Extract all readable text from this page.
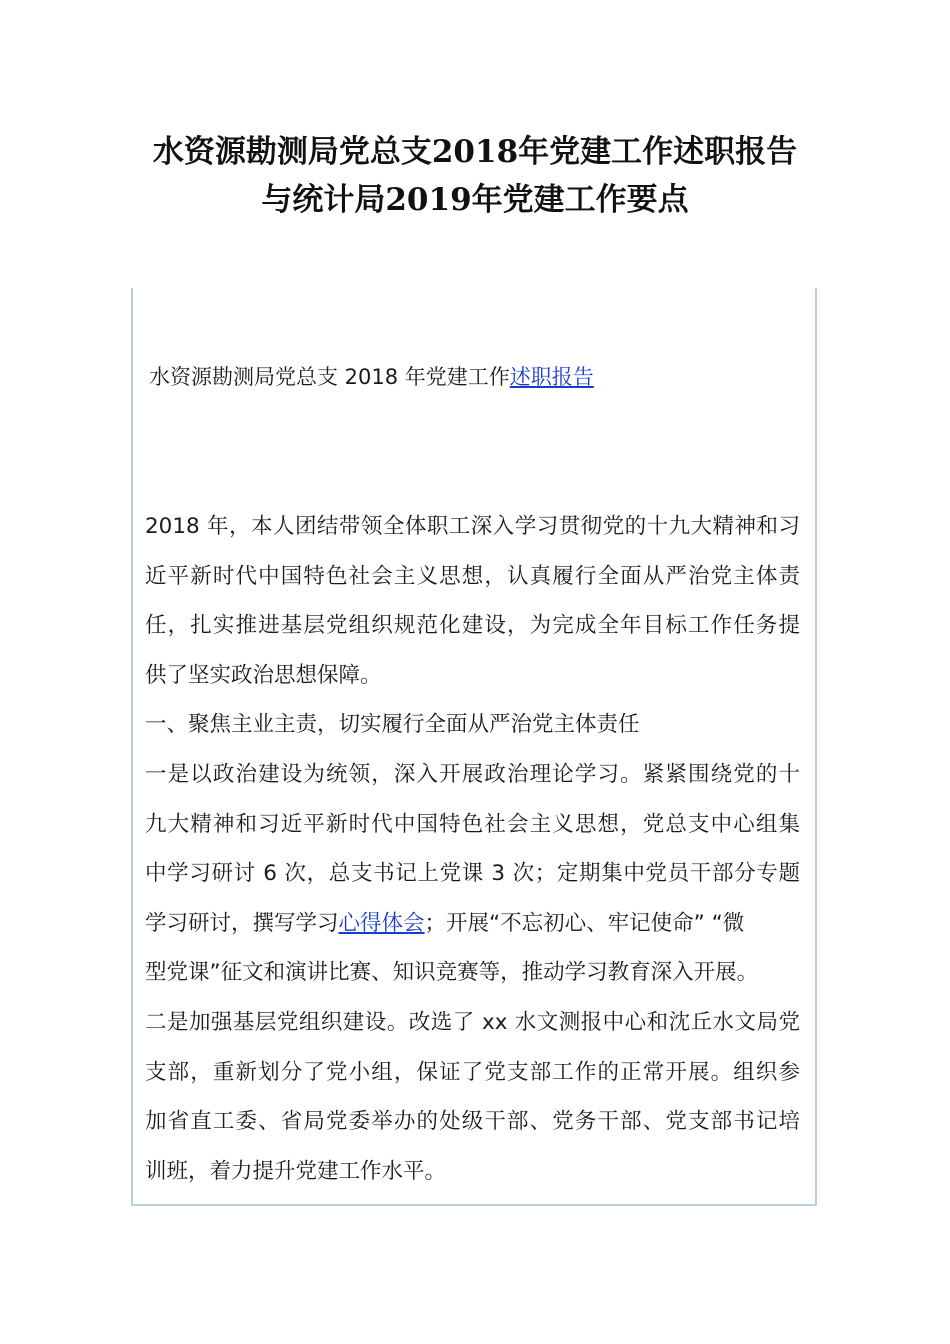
水资源勘测局党总支2018年党建工作述职报告
与统计局2019年党建工作要点
水资源勘测局党总支 2018 年党建工作述职报告
2018 年，本人团结带领全体职工深入学习贯彻党的十九大精神和习
近平新时代中国特色社会主义思想，认真履行全面从严治党主体责
任，扎实推进基层党组织规范化建设，为完成全年目标工作任务提
供了坚实政治思想保障。
一、聚焦主业主责，切实履行全面从严治党主体责任
一是以政治建设为统领，深入开展政治理论学习。紧紧围绕党的十
九大精神和习近平新时代中国特色社会主义思想，党总支中心组集
中学习研讨 6 次，总支书记上党课 3 次；定期集中党员干部分专题
学习研讨，撰写学习心得体会；开展“不忘初心、牢记使命” “微
型党课”征文和演讲比赛、知识竞赛等，推动学习教育深入开展。
二是加强基层党组织建设。改选了 xx 水文测报中心和沈丘水文局党
支部，重新划分了党小组，保证了党支部工作的正常开展。组织参
加省直工委、省局党委举办的处级干部、党务干部、党支部书记培
训班，着力提升党建工作水平。
